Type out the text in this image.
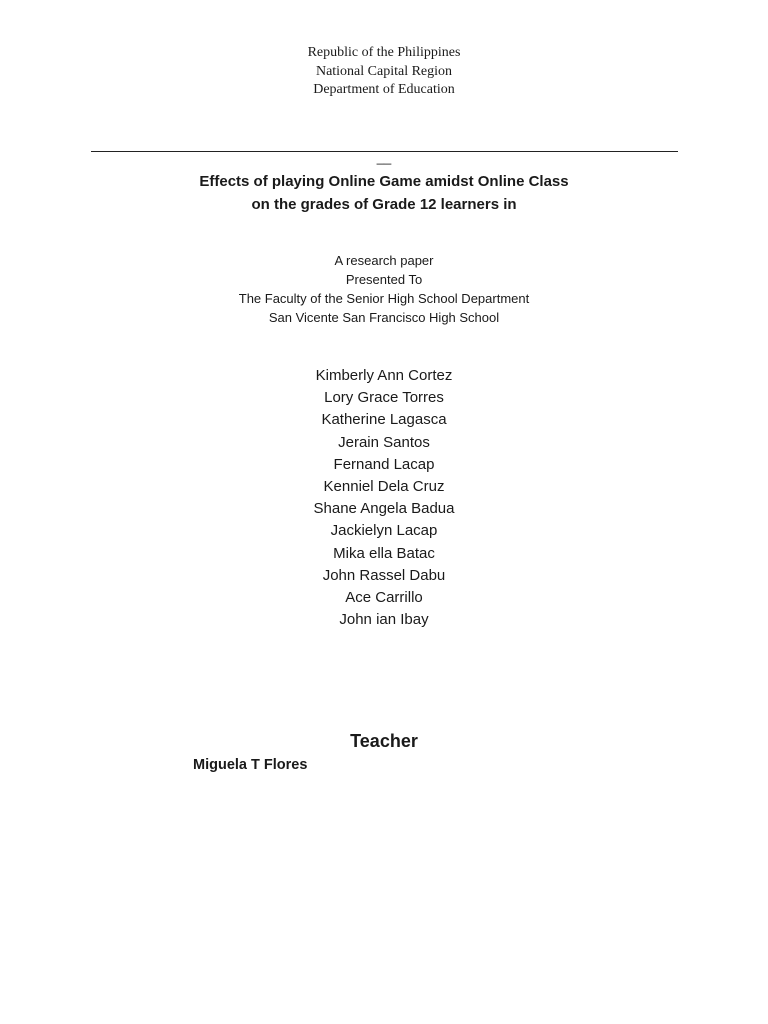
Republic of the Philippines
National Capital Region
Department of Education
__
Effects of playing Online Game amidst Online Class
on the grades of Grade 12 learners in
A research paper
Presented To
The Faculty of the Senior High School Department
San Vicente San Francisco High School
Kimberly Ann Cortez
Lory Grace Torres
Katherine Lagasca
Jerain Santos
Fernand Lacap
Kenniel Dela Cruz
Shane Angela Badua
Jackielyn Lacap
Mika ella Batac
John Rassel Dabu
Ace Carrillo
John ian Ibay
Teacher
Miguela T Flores
